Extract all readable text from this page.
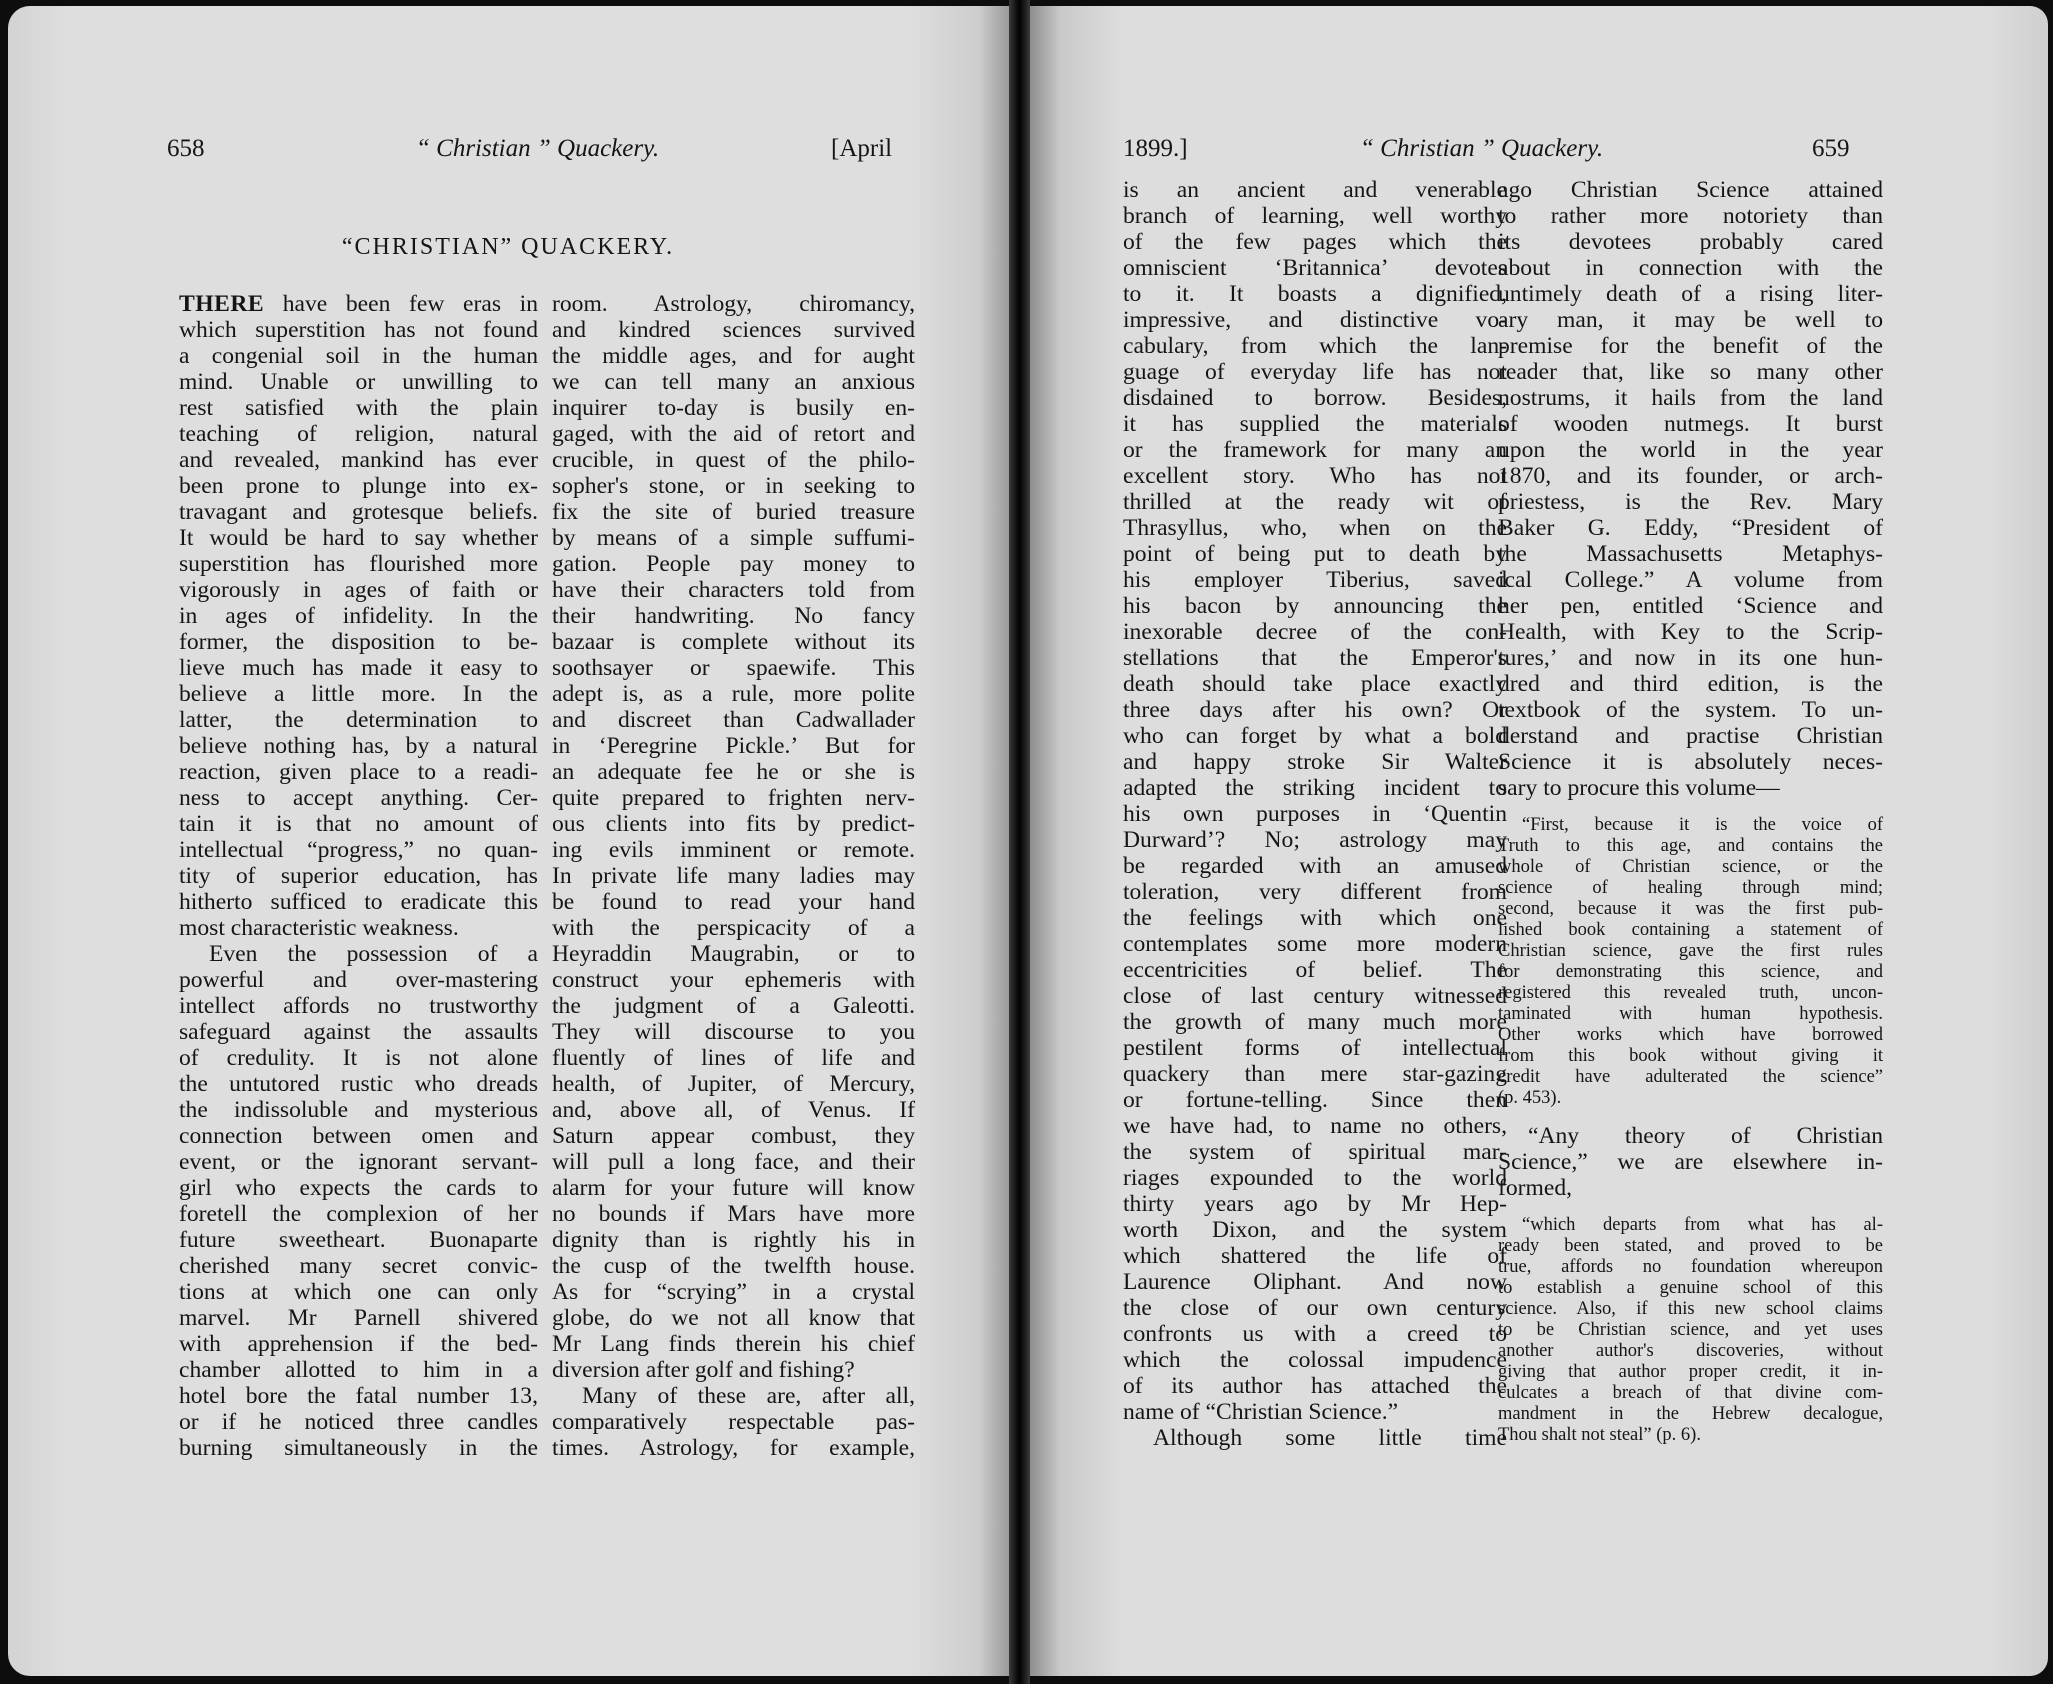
658	“ Christian ” Quackery.	[April
“CHRISTIAN” QUACKERY.
THERE have been few eras in
which superstition has not found
a congenial soil in the human
mind. Unable or unwilling to
rest satisfied with the plain
teaching of religion, natural
and revealed, mankind has ever
been prone to plunge into ex-
travagant and grotesque beliefs.
It would be hard to say whether
superstition has flourished more
vigorously in ages of faith or
in ages of infidelity. In the
former, the disposition to be-
lieve much has made it easy to
believe a little more. In the
latter, the determination to
believe nothing has, by a natural
reaction, given place to a readi-
ness to accept anything. Cer-
tain it is that no amount of
intellectual “progress,” no quan-
tity of superior education, has
hitherto sufficed to eradicate this
most characteristic weakness.
Even the possession of a
powerful and over-mastering
intellect affords no trustworthy
safeguard against the assaults
of credulity. It is not alone
the untutored rustic who dreads
the indissoluble and mysterious
connection between omen and
event, or the ignorant servant-
girl who expects the cards to
foretell the complexion of her
future sweetheart. Buonaparte
cherished many secret convic-
tions at which one can only
marvel. Mr Parnell shivered
with apprehension if the bed-
chamber allotted to him in a
hotel bore the fatal number 13,
or if he noticed three candles
burning simultaneously in the
room. Astrology, chiromancy,
and kindred sciences survived
the middle ages, and for aught
we can tell many an anxious
inquirer to-day is busily en-
gaged, with the aid of retort and
crucible, in quest of the philo-
sopher's stone, or in seeking to
fix the site of buried treasure
by means of a simple suffumi-
gation. People pay money to
have their characters told from
their handwriting. No fancy
bazaar is complete without its
soothsayer or spaewife. This
adept is, as a rule, more polite
and discreet than Cadwallader
in ‘Peregrine Pickle.’ But for
an adequate fee he or she is
quite prepared to frighten nerv-
ous clients into fits by predict-
ing evils imminent or remote.
In private life many ladies may
be found to read your hand
with the perspicacity of a
Heyraddin Maugrabin, or to
construct your ephemeris with
the judgment of a Galeotti.
They will discourse to you
fluently of lines of life and
health, of Jupiter, of Mercury,
and, above all, of Venus. If
Saturn appear combust, they
will pull a long face, and their
alarm for your future will know
no bounds if Mars have more
dignity than is rightly his in
the cusp of the twelfth house.
As for “scrying” in a crystal
globe, do we not all know that
Mr Lang finds therein his chief
diversion after golf and fishing?
Many of these are, after all,
comparatively respectable pas-
times. Astrology, for example,
1899.]	“ Christian ” Quackery.	659
is an ancient and venerable
branch of learning, well worthy
of the few pages which the
omniscient ‘Britannica’ devotes
to it. It boasts a dignified,
impressive, and distinctive vo-
cabulary, from which the lan-
guage of everyday life has not
disdained to borrow. Besides,
it has supplied the materials
or the framework for many an
excellent story. Who has not
thrilled at the ready wit of
Thrasyllus, who, when on the
point of being put to death by
his employer Tiberius, saved
his bacon by announcing the
inexorable decree of the con-
stellations that the Emperor's
death should take place exactly
three days after his own? Or
who can forget by what a bold
and happy stroke Sir Walter
adapted the striking incident to
his own purposes in ‘Quentin
Durward’? No; astrology may
be regarded with an amused
toleration, very different from
the feelings with which one
contemplates some more modern
eccentricities of belief. The
close of last century witnessed
the growth of many much more
pestilent forms of intellectual
quackery than mere star-gazing
or fortune-telling. Since then
we have had, to name no others,
the system of spiritual mar-
riages expounded to the world
thirty years ago by Mr Hep-
worth Dixon, and the system
which shattered the life of
Laurence Oliphant. And now
the close of our own century
confronts us with a creed to
which the colossal impudence
of its author has attached the
name of “Christian Science.”
Although some little time
ago Christian Science attained
to rather more notoriety than
its devotees probably cared
about in connection with the
untimely death of a rising liter-
ary man, it may be well to
premise for the benefit of the
reader that, like so many other
nostrums, it hails from the land
of wooden nutmegs. It burst
upon the world in the year
1870, and its founder, or arch-
priestess, is the Rev. Mary
Baker G. Eddy, “President of
the Massachusetts Metaphys-
ical College.” A volume from
her pen, entitled ‘Science and
Health, with Key to the Scrip-
tures,’ and now in its one hun-
dred and third edition, is the
textbook of the system. To un-
derstand and practise Christian
Science it is absolutely neces-
sary to procure this volume—
“First, because it is the voice of
Truth to this age, and contains the
whole of Christian science, or the
science of healing through mind;
second, because it was the first pub-
lished book containing a statement of
Christian science, gave the first rules
for demonstrating this science, and
registered this revealed truth, uncon-
taminated with human hypothesis.
Other works which have borrowed
from this book without giving it
credit have adulterated the science”
(p. 453).
“Any theory of Christian
Science,” we are elsewhere in-
formed,
“which departs from what has al-
ready been stated, and proved to be
true, affords no foundation whereupon
to establish a genuine school of this
science. Also, if this new school claims
to be Christian science, and yet uses
another author's discoveries, without
giving that author proper credit, it in-
culcates a breach of that divine com-
mandment in the Hebrew decalogue,
Thou shalt not steal” (p. 6).
